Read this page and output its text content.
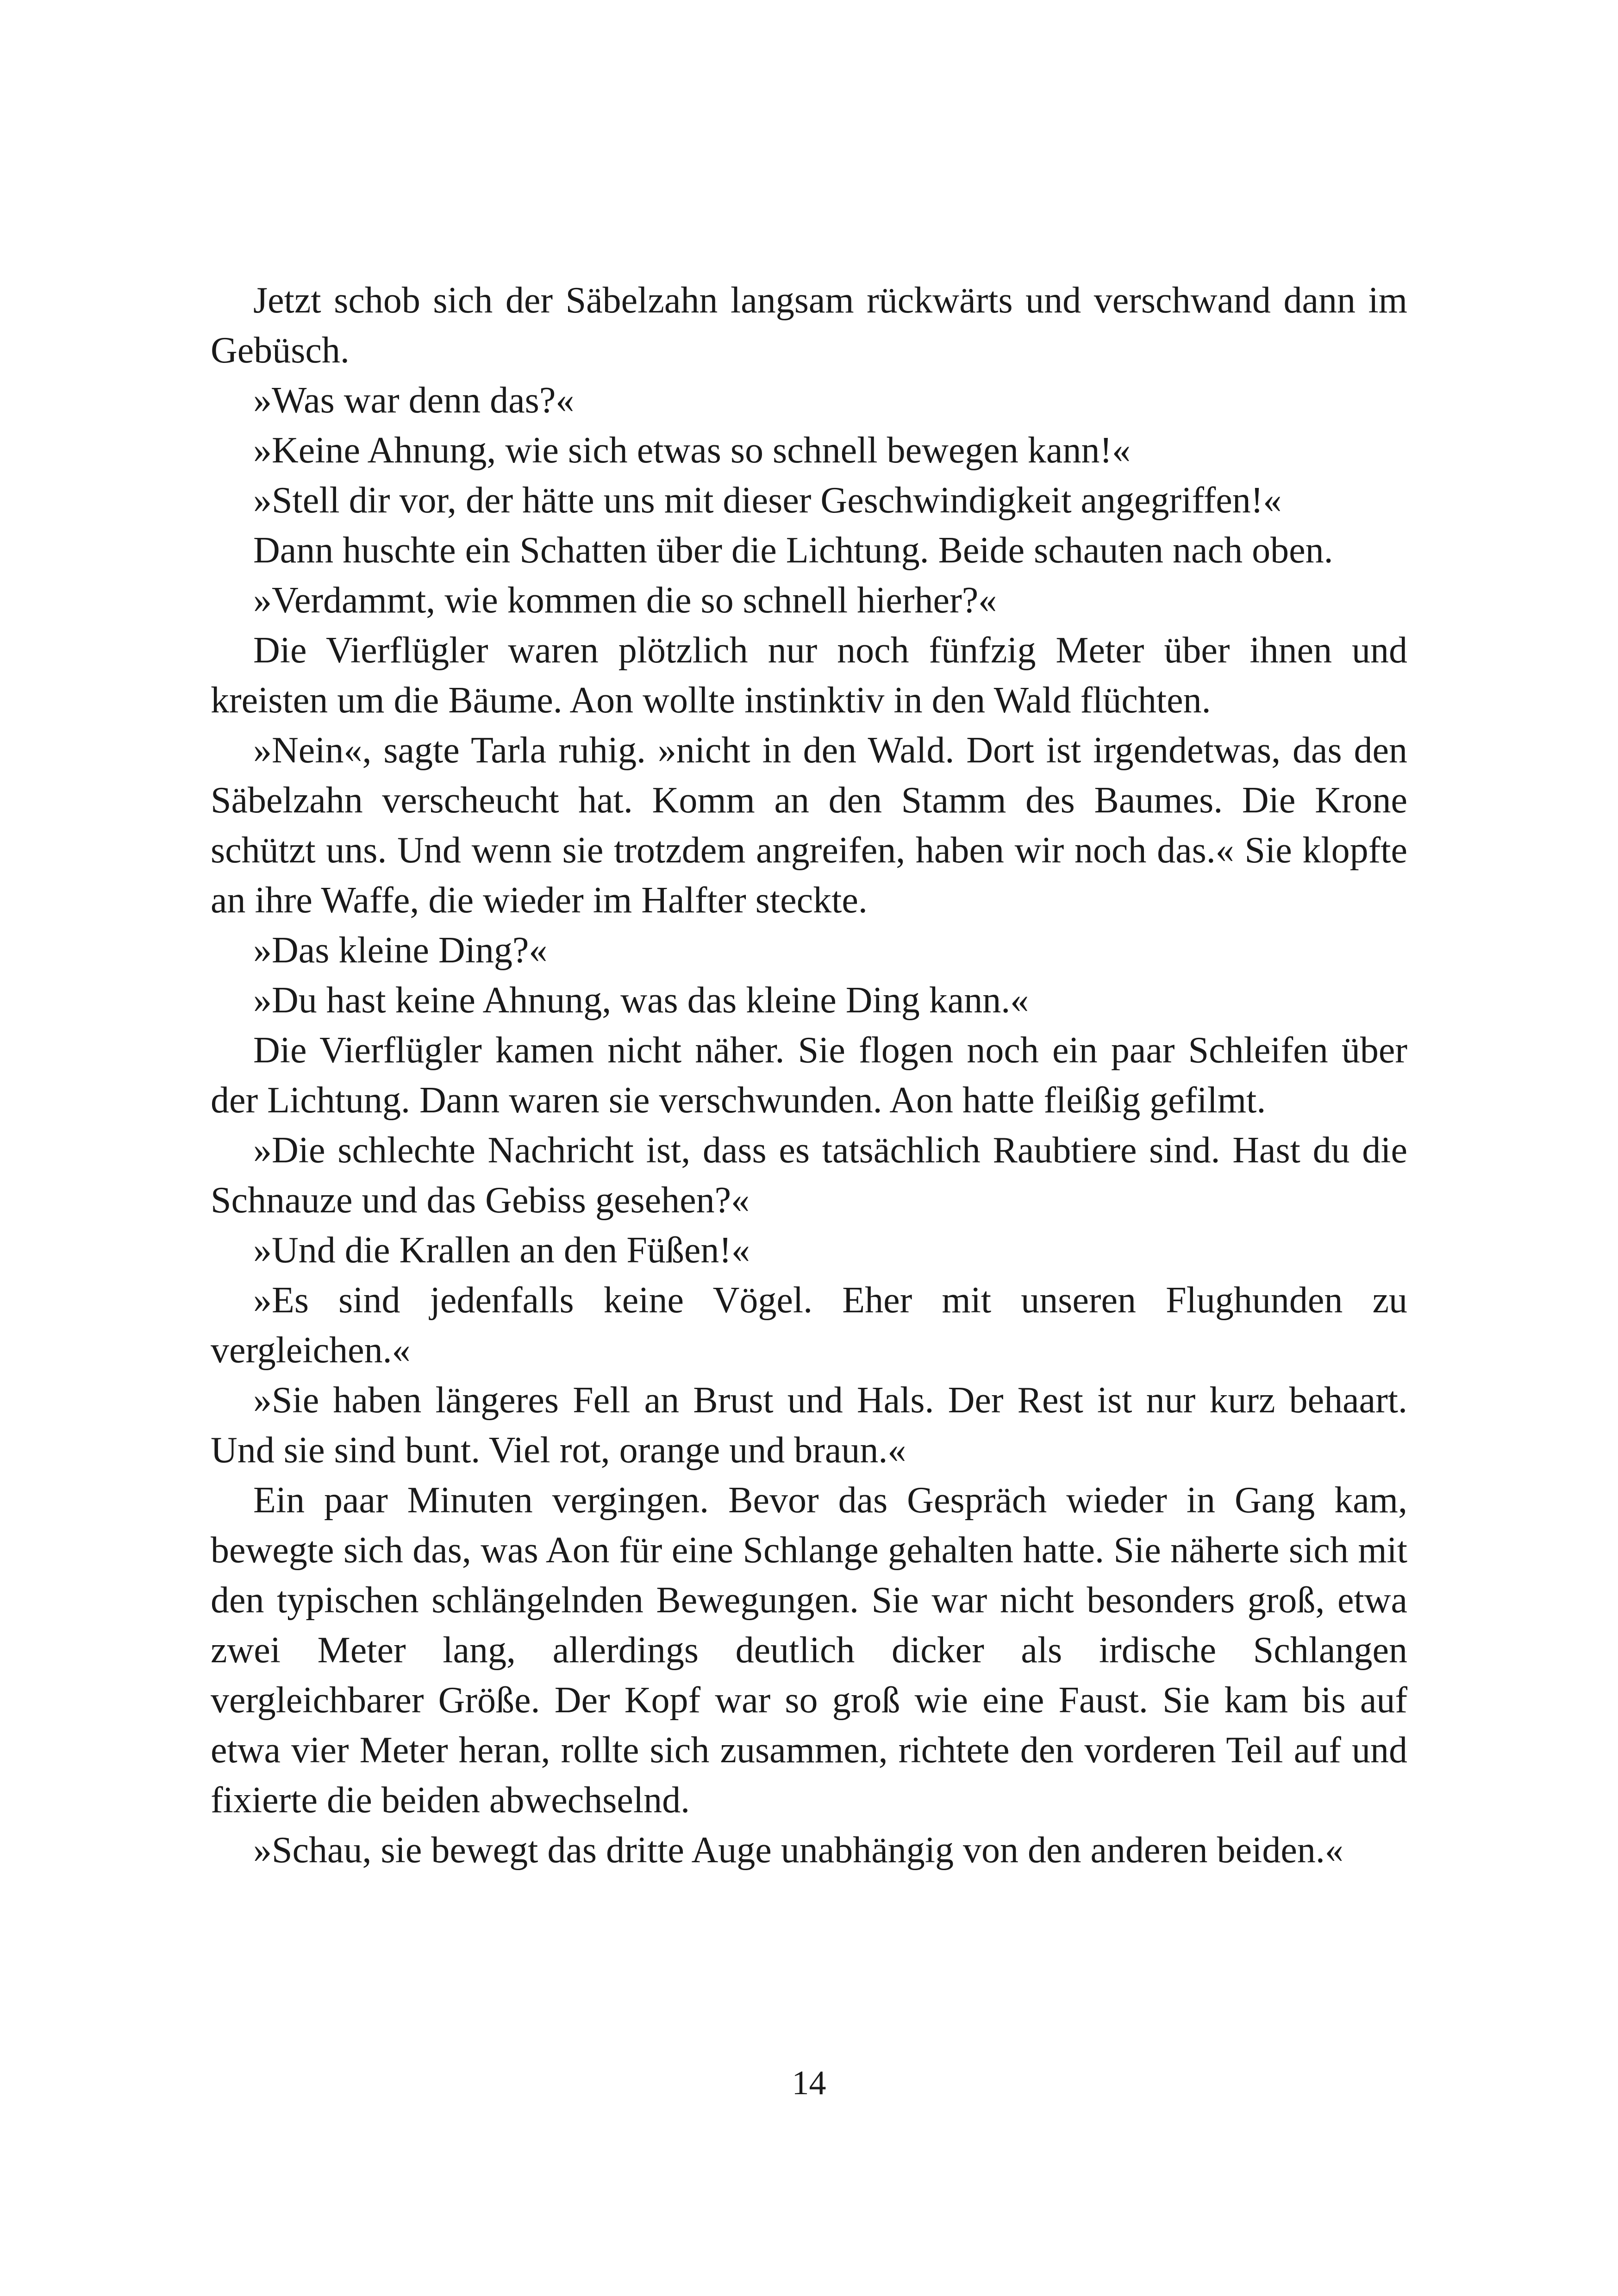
Jetzt schob sich der Säbelzahn langsam rückwärts und verschwand dann im Gebüsch.

»Was war denn das?«

»Keine Ahnung, wie sich etwas so schnell bewegen kann!«

»Stell dir vor, der hätte uns mit dieser Geschwindigkeit angegriffen!«

Dann huschte ein Schatten über die Lichtung. Beide schauten nach oben.

»Verdammt, wie kommen die so schnell hierher?«

Die Vierflügler waren plötzlich nur noch fünfzig Meter über ihnen und kreisten um die Bäume. Aon wollte instinktiv in den Wald flüchten.

»Nein«, sagte Tarla ruhig. »nicht in den Wald. Dort ist irgendetwas, das den Säbelzahn verscheucht hat. Komm an den Stamm des Baumes. Die Krone schützt uns. Und wenn sie trotzdem angreifen, haben wir noch das.« Sie klopfte an ihre Waffe, die wieder im Halfter steckte.

»Das kleine Ding?«

»Du hast keine Ahnung, was das kleine Ding kann.«

Die Vierflügler kamen nicht näher. Sie flogen noch ein paar Schleifen über der Lichtung. Dann waren sie verschwunden. Aon hatte fleißig gefilmt.

»Die schlechte Nachricht ist, dass es tatsächlich Raubtiere sind. Hast du die Schnauze und das Gebiss gesehen?«

»Und die Krallen an den Füßen!«

»Es sind jedenfalls keine Vögel. Eher mit unseren Flughunden zu vergleichen.«

»Sie haben längeres Fell an Brust und Hals. Der Rest ist nur kurz behaart. Und sie sind bunt. Viel rot, orange und braun.«

Ein paar Minuten vergingen. Bevor das Gespräch wieder in Gang kam, bewegte sich das, was Aon für eine Schlange gehalten hatte. Sie näherte sich mit den typischen schlängelnden Bewegungen. Sie war nicht besonders groß, etwa zwei Meter lang, allerdings deutlich dicker als irdische Schlangen vergleichbarer Größe. Der Kopf war so groß wie eine Faust. Sie kam bis auf etwa vier Meter heran, rollte sich zusammen, richtete den vorderen Teil auf und fixierte die beiden abwechselnd.

»Schau, sie bewegt das dritte Auge unabhängig von den anderen beiden.«

14
